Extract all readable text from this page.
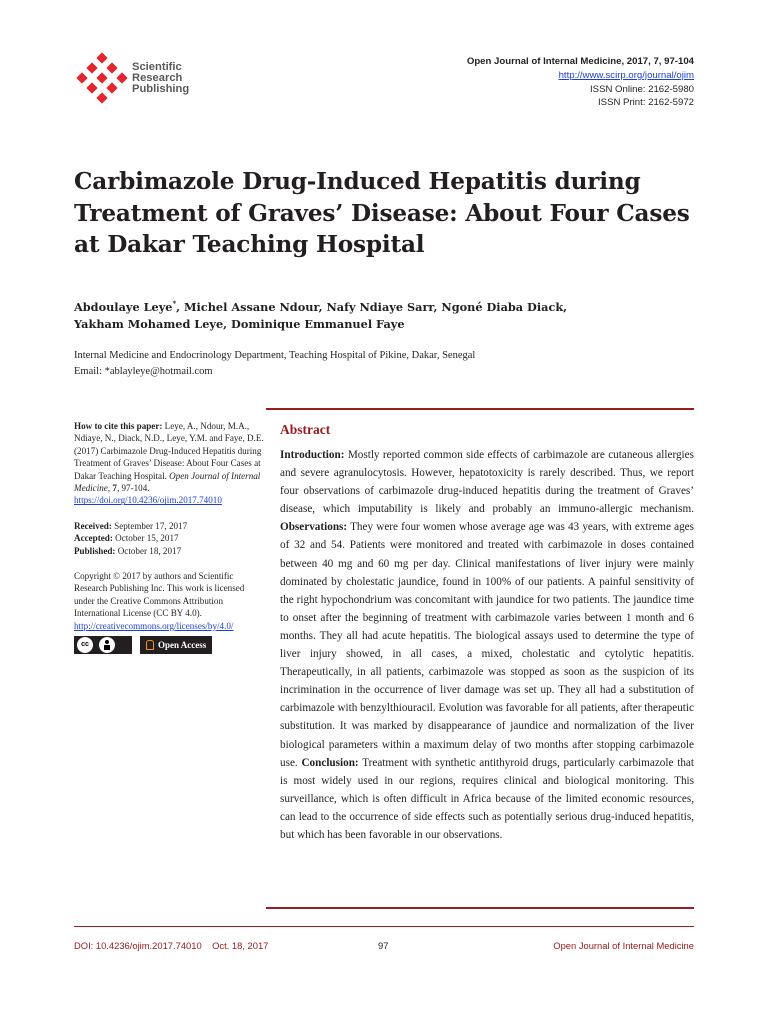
Scientific
Research
Publishing
Open Journal of Internal Medicine, 2017, 7, 97-104
http://www.scirp.org/journal/ojim
ISSN Online: 2162-5980
ISSN Print: 2162-5972
Carbimazole Drug-Induced Hepatitis during
Treatment of Graves’ Disease: About Four Cases
at Dakar Teaching Hospital
Abdoulaye Leye*, Michel Assane Ndour, Nafy Ndiaye Sarr, Ngoné Diaba Diack,
Yakham Mohamed Leye, Dominique Emmanuel Faye
Internal Medicine and Endocrinology Department, Teaching Hospital of Pikine, Dakar, Senegal
Email: *ablayleye@hotmail.com
How to cite this paper: Leye, A., Ndour, M.A., Ndiaye, N., Diack, N.D., Leye, Y.M. and Faye, D.E. (2017) Carbimazole Drug-Induced Hepatitis during Treatment of Graves’ Disease: About Four Cases at Dakar Teaching Hospital. Open Journal of Internal Medicine, 7, 97-104.
https://doi.org/10.4236/ojim.2017.74010
Received: September 17, 2017
Accepted: October 15, 2017
Published: October 18, 2017
Copyright © 2017 by authors and Scientific Research Publishing Inc. This work is licensed under the Creative Commons Attribution International License (CC BY 4.0).
http://creativecommons.org/licenses/by/4.0/
cc	Open Access
Abstract
Introduction: Mostly reported common side effects of carbimazole are cutaneous allergies and severe agranulocytosis. However, hepatotoxicity is rarely described. Thus, we report four observations of carbimazole drug-induced hepatitis during the treatment of Graves’ disease, which imputability is likely and probably an immuno-allergic mechanism. Observations: They were four women whose average age was 43 years, with extreme ages of 32 and 54. Patients were monitored and treated with carbimazole in doses contained between 40 mg and 60 mg per day. Clinical manifestations of liver injury were mainly dominated by cholestatic jaundice, found in 100% of our patients. A painful sensitivity of the right hypochondrium was concomitant with jaundice for two patients. The jaundice time to onset after the beginning of treatment with carbimazole varies between 1 month and 6 months. They all had acute hepatitis. The biological assays used to determine the type of liver injury showed, in all cases, a mixed, cholestatic and cytolytic hepatitis. Therapeutically, in all patients, carbimazole was stopped as soon as the suspicion of its incrimination in the occurrence of liver damage was set up. They all had a substitution of carbimazole with benzylthiouracil. Evolution was favorable for all patients, after therapeutic substitution. It was marked by disappearance of jaundice and normalization of the liver biological parameters within a maximum delay of two months after stopping carbimazole use. Conclusion: Treatment with synthetic antithyroid drugs, particularly carbimazole that is most widely used in our regions, requires clinical and biological monitoring. This surveillance, which is often difficult in Africa because of the limited economic resources, can lead to the occurrence of side effects such as potentially serious drug-induced hepatitis, but which has been favorable in our observations.
DOI: 10.4236/ojim.2017.74010    Oct. 18, 2017	97	Open Journal of Internal Medicine
